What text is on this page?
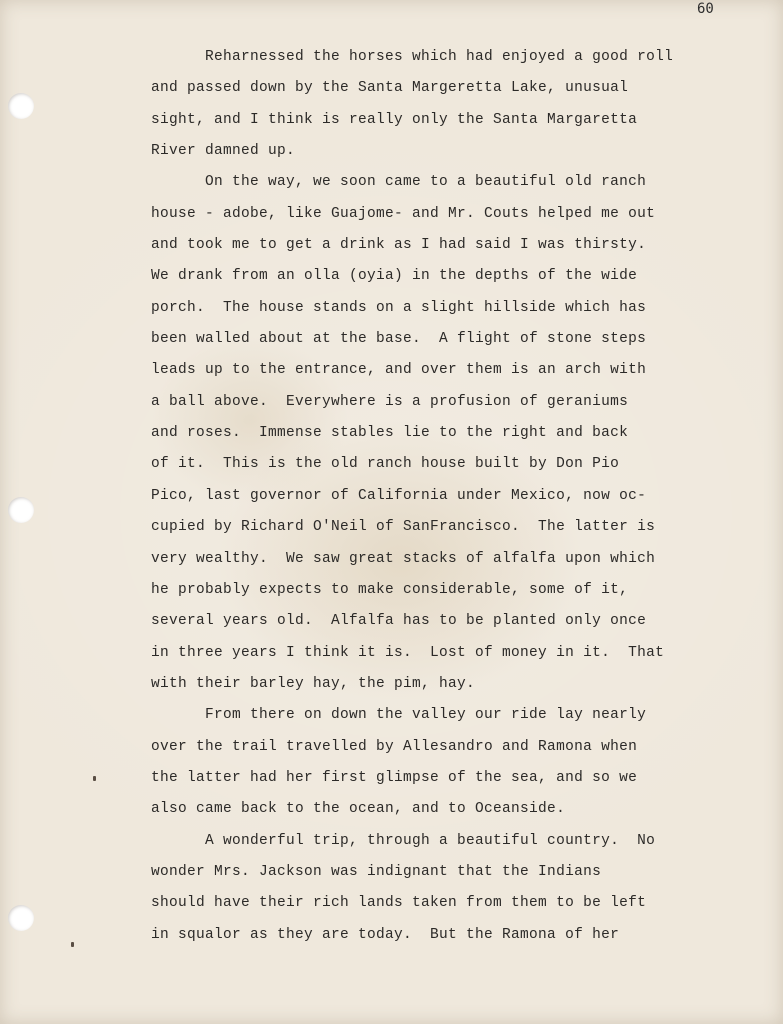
60
Reharnessed the horses which had enjoyed a good roll
and passed down by the Santa Margeretta Lake, unusual
sight, and I think is really only the Santa Margaretta
River damned up.
On the way, we soon came to a beautiful old ranch
house - adobe, like Guajome- and Mr. Couts helped me out
and took me to get a drink as I had said I was thirsty.
We drank from an olla (oyia) in the depths of the wide
porch.  The house stands on a slight hillside which has
been walled about at the base.  A flight of stone steps
leads up to the entrance, and over them is an arch with
a ball above.  Everywhere is a profusion of geraniums
and roses.  Immense stables lie to the right and back
of it.  This is the old ranch house built by Don Pio
Pico, last governor of California under Mexico, now oc-
cupied by Richard O'Neil of SanFrancisco.  The latter is
very wealthy.  We saw great stacks of alfalfa upon which
he probably expects to make considerable, some of it,
several years old.  Alfalfa has to be planted only once
in three years I think it is.  Lost of money in it.  That
with their barley hay, the pim, hay.
From there on down the valley our ride lay nearly
over the trail travelled by Allesandro and Ramona when
the latter had her first glimpse of the sea, and so we
also came back to the ocean, and to Oceanside.
A wonderful trip, through a beautiful country.  No
wonder Mrs. Jackson was indignant that the Indians
should have their rich lands taken from them to be left
in squalor as they are today.  But the Ramona of her
